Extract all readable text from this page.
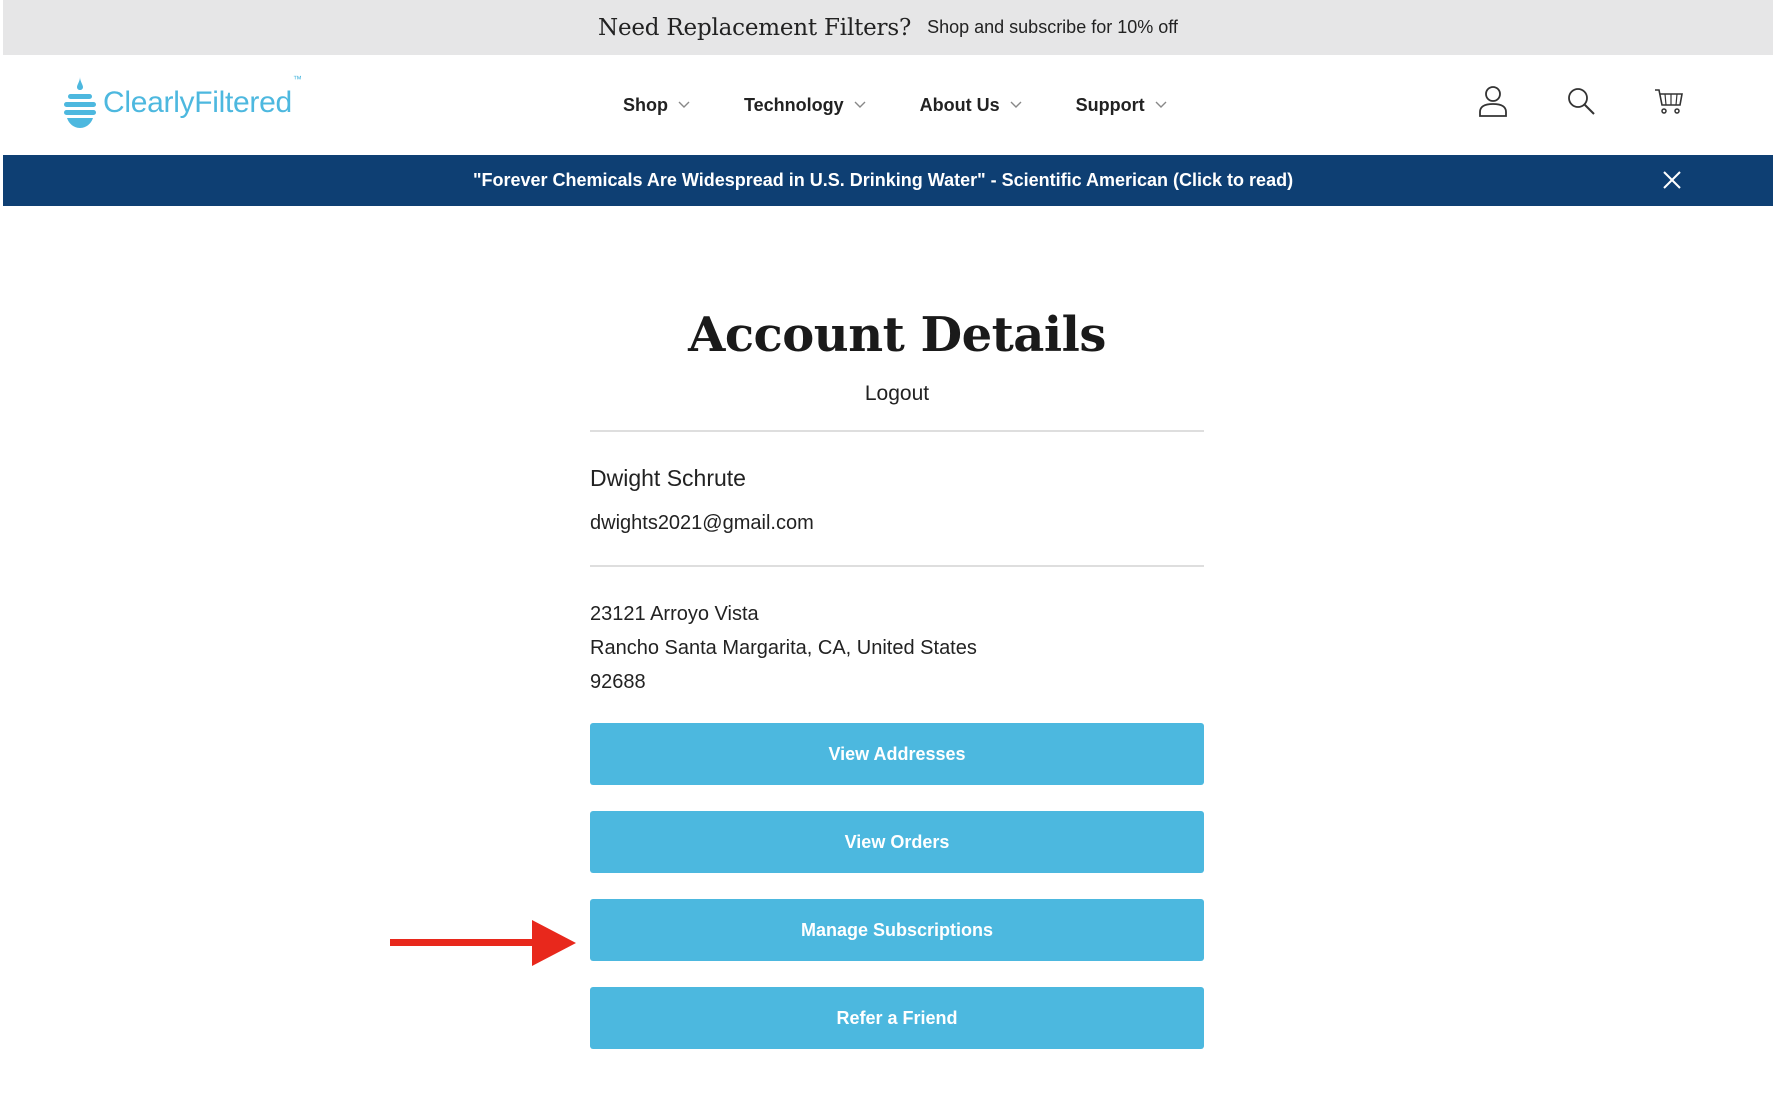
Need Replacement Filters? Shop and subscribe for 10% off
ClearlyFiltered™
Shop	Technology	About Us	Support
"Forever Chemicals Are Widespread in U.S. Drinking Water" - Scientific American (Click to read)
Account Details
Logout
Dwight Schrute
dwights2021@gmail.com
23121 Arroyo Vista
Rancho Santa Margarita, CA, United States
92688
View Addresses
View Orders
Manage Subscriptions
Refer a Friend
